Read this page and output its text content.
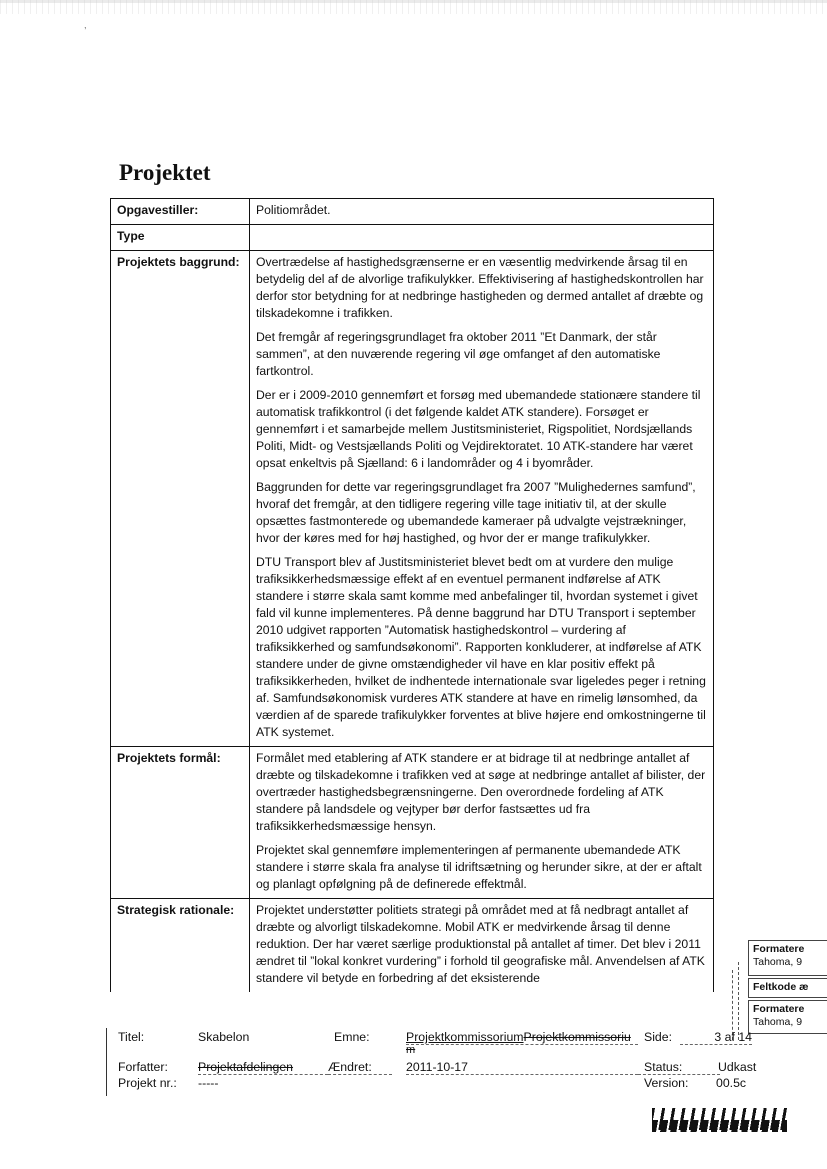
,
Projektet
Opgavestiller:	Politiområdet.

Type	

Projektets baggrund:	Overtrædelse af hastighedsgrænserne er en væsentlig medvirkende årsag til en betydelig del af de alvorlige trafikulykker. Effektivisering af hastighedskontrollen har derfor stor betydning for at nedbringe hastigheden og dermed antallet af dræbte og tilskadekomne i trafikken.

Det fremgår af regeringsgrundlaget fra oktober 2011 ”Et Danmark, der står sammen”, at den nuværende regering vil øge omfanget af den automatiske fartkontrol.

Der er i 2009-2010 gennemført et forsøg med ubemandede stationære standere til automatisk trafikkontrol (i det følgende kaldet ATK standere). Forsøget er gennemført i et samarbejde mellem Justitsministeriet, Rigspolitiet, Nordsjællands Politi, Midt- og Vestsjællands Politi og Vejdirektoratet. 10 ATK-standere har været opsat enkeltvis på Sjælland: 6 i landområder og 4 i byområder.

Baggrunden for dette var regeringsgrundlaget fra 2007 ”Mulighedernes samfund”, hvoraf det fremgår, at den tidligere regering ville tage initiativ til, at der skulle opsættes fastmonterede og ubemandede kameraer på udvalgte vejstrækninger, hvor der køres med for høj hastighed, og hvor der er mange trafikulykker.

DTU Transport blev af Justitsministeriet blevet bedt om at vurdere den mulige trafiksikkerhedsmæssige effekt af en eventuel permanent indførelse af ATK standere i større skala samt komme med anbefalinger til, hvordan systemet i givet fald vil kunne implementeres. På denne baggrund har DTU Transport i september 2010 udgivet rapporten ”Automatisk hastighedskontrol – vurdering af trafiksikkerhed og samfundsøkonomi”. Rapporten konkluderer, at indførelse af ATK standere under de givne omstændigheder vil have en klar positiv effekt på trafiksikkerheden, hvilket de indhentede internationale svar ligeledes peger i retning af. Samfundsøkonomisk vurderes ATK standere at have en rimelig lønsomhed, da værdien af de sparede trafikulykker forventes at blive højere end omkostningerne til ATK systemet.

Projektets formål:	Formålet med etablering af ATK standere er at bidrage til at nedbringe antallet af dræbte og tilskadekomne i trafikken ved at søge at nedbringe antallet af bilister, der overtræder hastighedsbegrænsningerne. Den overordnede fordeling af ATK standere på landsdele og vejtyper bør derfor fastsættes ud fra trafiksikkerhedsmæssige hensyn.

Projektet skal gennemføre implementeringen af permanente ubemandede ATK standere i større skala fra analyse til idriftsætning og herunder sikre, at der er aftalt og planlagt opfølgning på de definerede effektmål.

Strategisk rationale:	Projektet understøtter politiets strategi på området med at få nedbragt antallet af dræbte og alvorligt tilskadekomne. Mobil ATK er medvirkende årsag til denne reduktion. Der har været særlige produktionstal på antallet af timer. Det blev i 2011 ændret til ”lokal konkret vurdering” i forhold til geografiske mål. Anvendelsen af ATK standere vil betyde en forbedring af det eksisterende

Formatere
Tahoma, 9
Feltkode æ
Formatere
Tahoma, 9
Titel:	Skabelon	Emne:	ProjektkommissoriumProjektkommissoriu
m
Side:	3 af 14
Forfatter: Projektafdelingen	Ændret:	2011-10-17	Status:	Udkast
Projekt nr.: -----	Version: 00.5c
